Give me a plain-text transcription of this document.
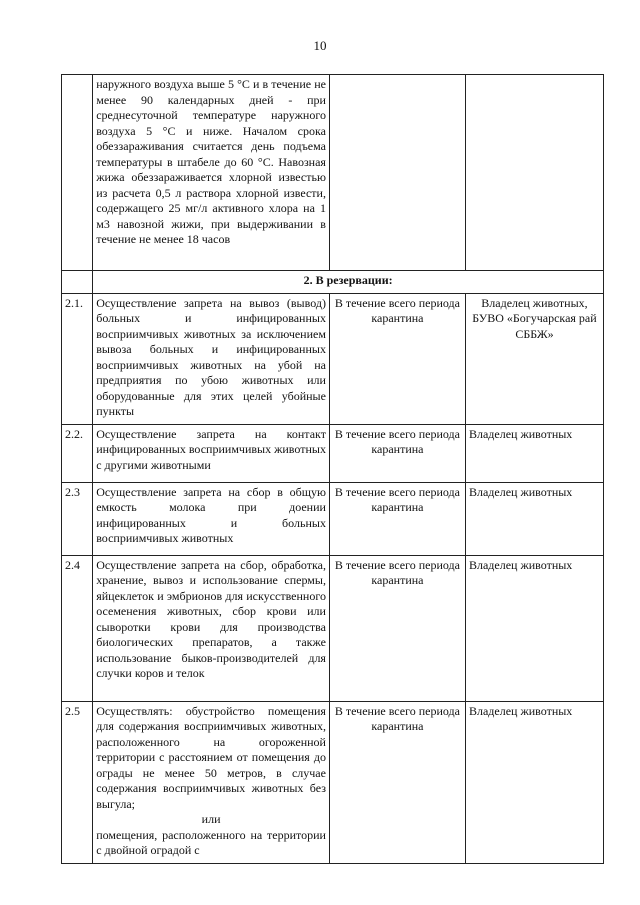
10
	наружного воздуха выше 5 °С и в течение не менее 90 календарных дней - при среднесуточной температуре наружного воздуха 5 °С и ниже. Началом срока обеззараживания считается день подъема температуры в штабеле до 60 °С. Навозная жижа обеззараживается хлорной известью из расчета 0,5 л раствора хлорной извести, содержащего 25 мг/л активного хлора на 1 м3 навозной жижи, при выдерживании в течение не менее 18 часов		
	2. В резервации:		
2.1.	Осуществление запрета на вывоз (вывод) больных и инфицированных восприимчивых животных за исключением вывоза больных и инфицированных восприимчивых животных на убой на предприятия по убою животных или оборудованные для этих целей убойные пункты	В течение всего периода карантина	Владелец животных, БУВО «Богучарская рай СББЖ»
2.2.	Осуществление запрета на контакт инфицированных восприимчивых животных с другими животными	В течение всего периода карантина	Владелец животных
2.3	Осуществление запрета на сбор в общую емкость молока при доении инфицированных и больных восприимчивых животных	В течение всего периода карантина	Владелец животных
2.4	Осуществление запрета на сбор, обработка, хранение, вывоз и использование спермы, яйцеклеток и эмбрионов для искусственного осеменения животных, сбор крови или сыворотки крови для производства биологических препаратов, а также использование быков-производителей для случки коров и телок	В течение всего периода карантина	Владелец животных
2.5	Осуществлять: обустройство помещения для содержания восприимчивых животных, расположенного на огороженной территории с расстоянием от помещения до ограды не менее 50 метров, в случае содержания восприимчивых животных без выгула;
или
помещения, расположенного на территории с двойной оградой с	В течение всего периода карантина	Владелец животных
